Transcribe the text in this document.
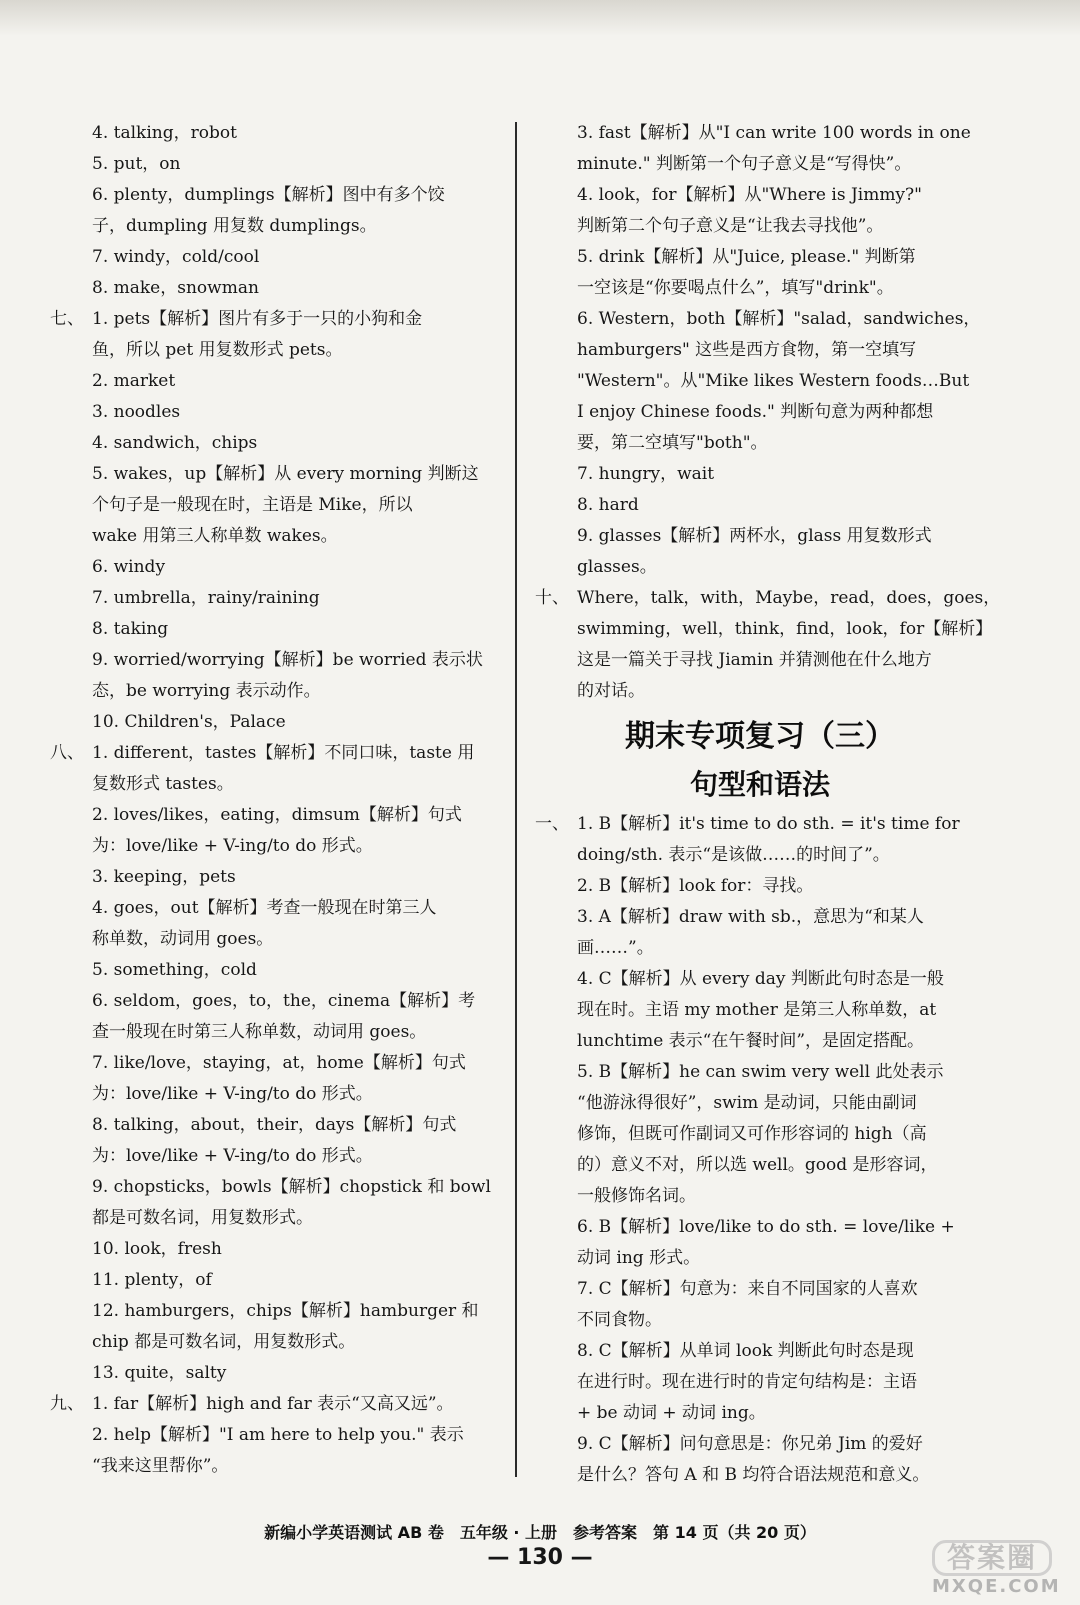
4. talking，robot
5. put，on
6. plenty，dumplings【解析】图中有多个饺
子，dumpling 用复数 dumplings。
7. windy，cold/cool
8. make，snowman
七、 1. pets【解析】图片有多于一只的小狗和金
鱼，所以 pet 用复数形式 pets。
2. market
3. noodles
4. sandwich，chips
5. wakes，up【解析】从 every morning 判断这
个句子是一般现在时，主语是 Mike，所以
wake 用第三人称单数 wakes。
6. windy
7. umbrella，rainy/raining
8. taking
9. worried/worrying【解析】be worried 表示状
态，be worrying 表示动作。
10. Children's，Palace
八、 1. different，tastes【解析】不同口味，taste 用
复数形式 tastes。
2. loves/likes，eating，dimsum【解析】句式
为：love/like + V-ing/to do 形式。
3. keeping，pets
4. goes，out【解析】考查一般现在时第三人
称单数，动词用 goes。
5. something，cold
6. seldom，goes，to，the，cinema【解析】考
查一般现在时第三人称单数，动词用 goes。
7. like/love，staying，at，home【解析】句式
为：love/like + V-ing/to do 形式。
8. talking，about，their，days【解析】句式
为：love/like + V-ing/to do 形式。
9. chopsticks，bowls【解析】chopstick 和 bowl
都是可数名词，用复数形式。
10. look，fresh
11. plenty，of
12. hamburgers，chips【解析】hamburger 和
chip 都是可数名词，用复数形式。
13. quite，salty
九、 1. far【解析】high and far 表示“又高又远”。
2. help【解析】"I am here to help you." 表示
“我来这里帮你”。
3. fast【解析】从"I can write 100 words in one
minute." 判断第一个句子意义是“写得快”。
4. look，for【解析】从"Where is Jimmy?"
判断第二个句子意义是“让我去寻找他”。
5. drink【解析】从"Juice, please." 判断第
一空该是“你要喝点什么”，填写"drink"。
6. Western，both【解析】"salad，sandwiches，
hamburgers" 这些是西方食物，第一空填写
"Western"。从"Mike likes Western foods…But
I enjoy Chinese foods." 判断句意为两种都想
要，第二空填写"both"。
7. hungry，wait
8. hard
9. glasses【解析】两杯水，glass 用复数形式
glasses。
十、 Where，talk，with，Maybe，read，does，goes，
swimming，well，think，find，look，for【解析】
这是一篇关于寻找 Jiamin 并猜测他在什么地方
的对话。
期末专项复习（三）
句型和语法
一、 1. B【解析】it's time to do sth. = it's time for
doing/sth. 表示“是该做……的时间了”。
2. B【解析】look for：寻找。
3. A【解析】draw with sb.，意思为“和某人
画……”。
4. C【解析】从 every day 判断此句时态是一般
现在时。主语 my mother 是第三人称单数，at
lunchtime 表示“在午餐时间”，是固定搭配。
5. B【解析】he can swim very well 此处表示
“他游泳得很好”，swim 是动词，只能由副词
修饰，但既可作副词又可作形容词的 high（高
的）意义不对，所以选 well。good 是形容词，
一般修饰名词。
6. B【解析】love/like to do sth. = love/like +
动词 ing 形式。
7. C【解析】句意为：来自不同国家的人喜欢
不同食物。
8. C【解析】从单词 look 判断此句时态是现
在进行时。现在进行时的肯定句结构是：主语
+ be 动词 + 动词 ing。
9. C【解析】问句意思是：你兄弟 Jim 的爱好
是什么？答句 A 和 B 均符合语法规范和意义。
新编小学英语测试 AB 卷　五年级 · 上册　参考答案　第 14 页（共 20 页）
— 130 —	答案圈
MXQE.COM
